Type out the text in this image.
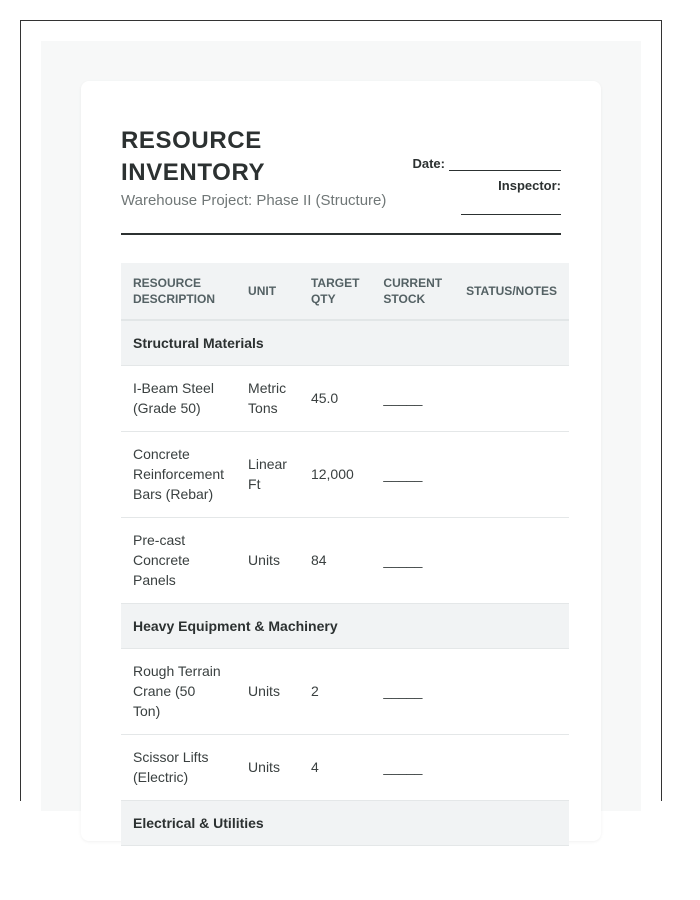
RESOURCE INVENTORY
Warehouse Project: Phase II (Structure)
Date:
Inspector:
RESOURCE DESCRIPTION	UNIT	TARGET QTY	CURRENT STOCK	STATUS/NOTES
Structural Materials				
I-Beam Steel (Grade 50)	Metric Tons	45.0	_____	
Concrete Reinforcement Bars (Rebar)	Linear Ft	12,000	_____	
Pre-cast Concrete Panels	Units	84	_____	
Heavy Equipment & Machinery				
Rough Terrain Crane (50 Ton)	Units	2	_____	
Scissor Lifts (Electric)	Units	4	_____	
Electrical & Utilities				
